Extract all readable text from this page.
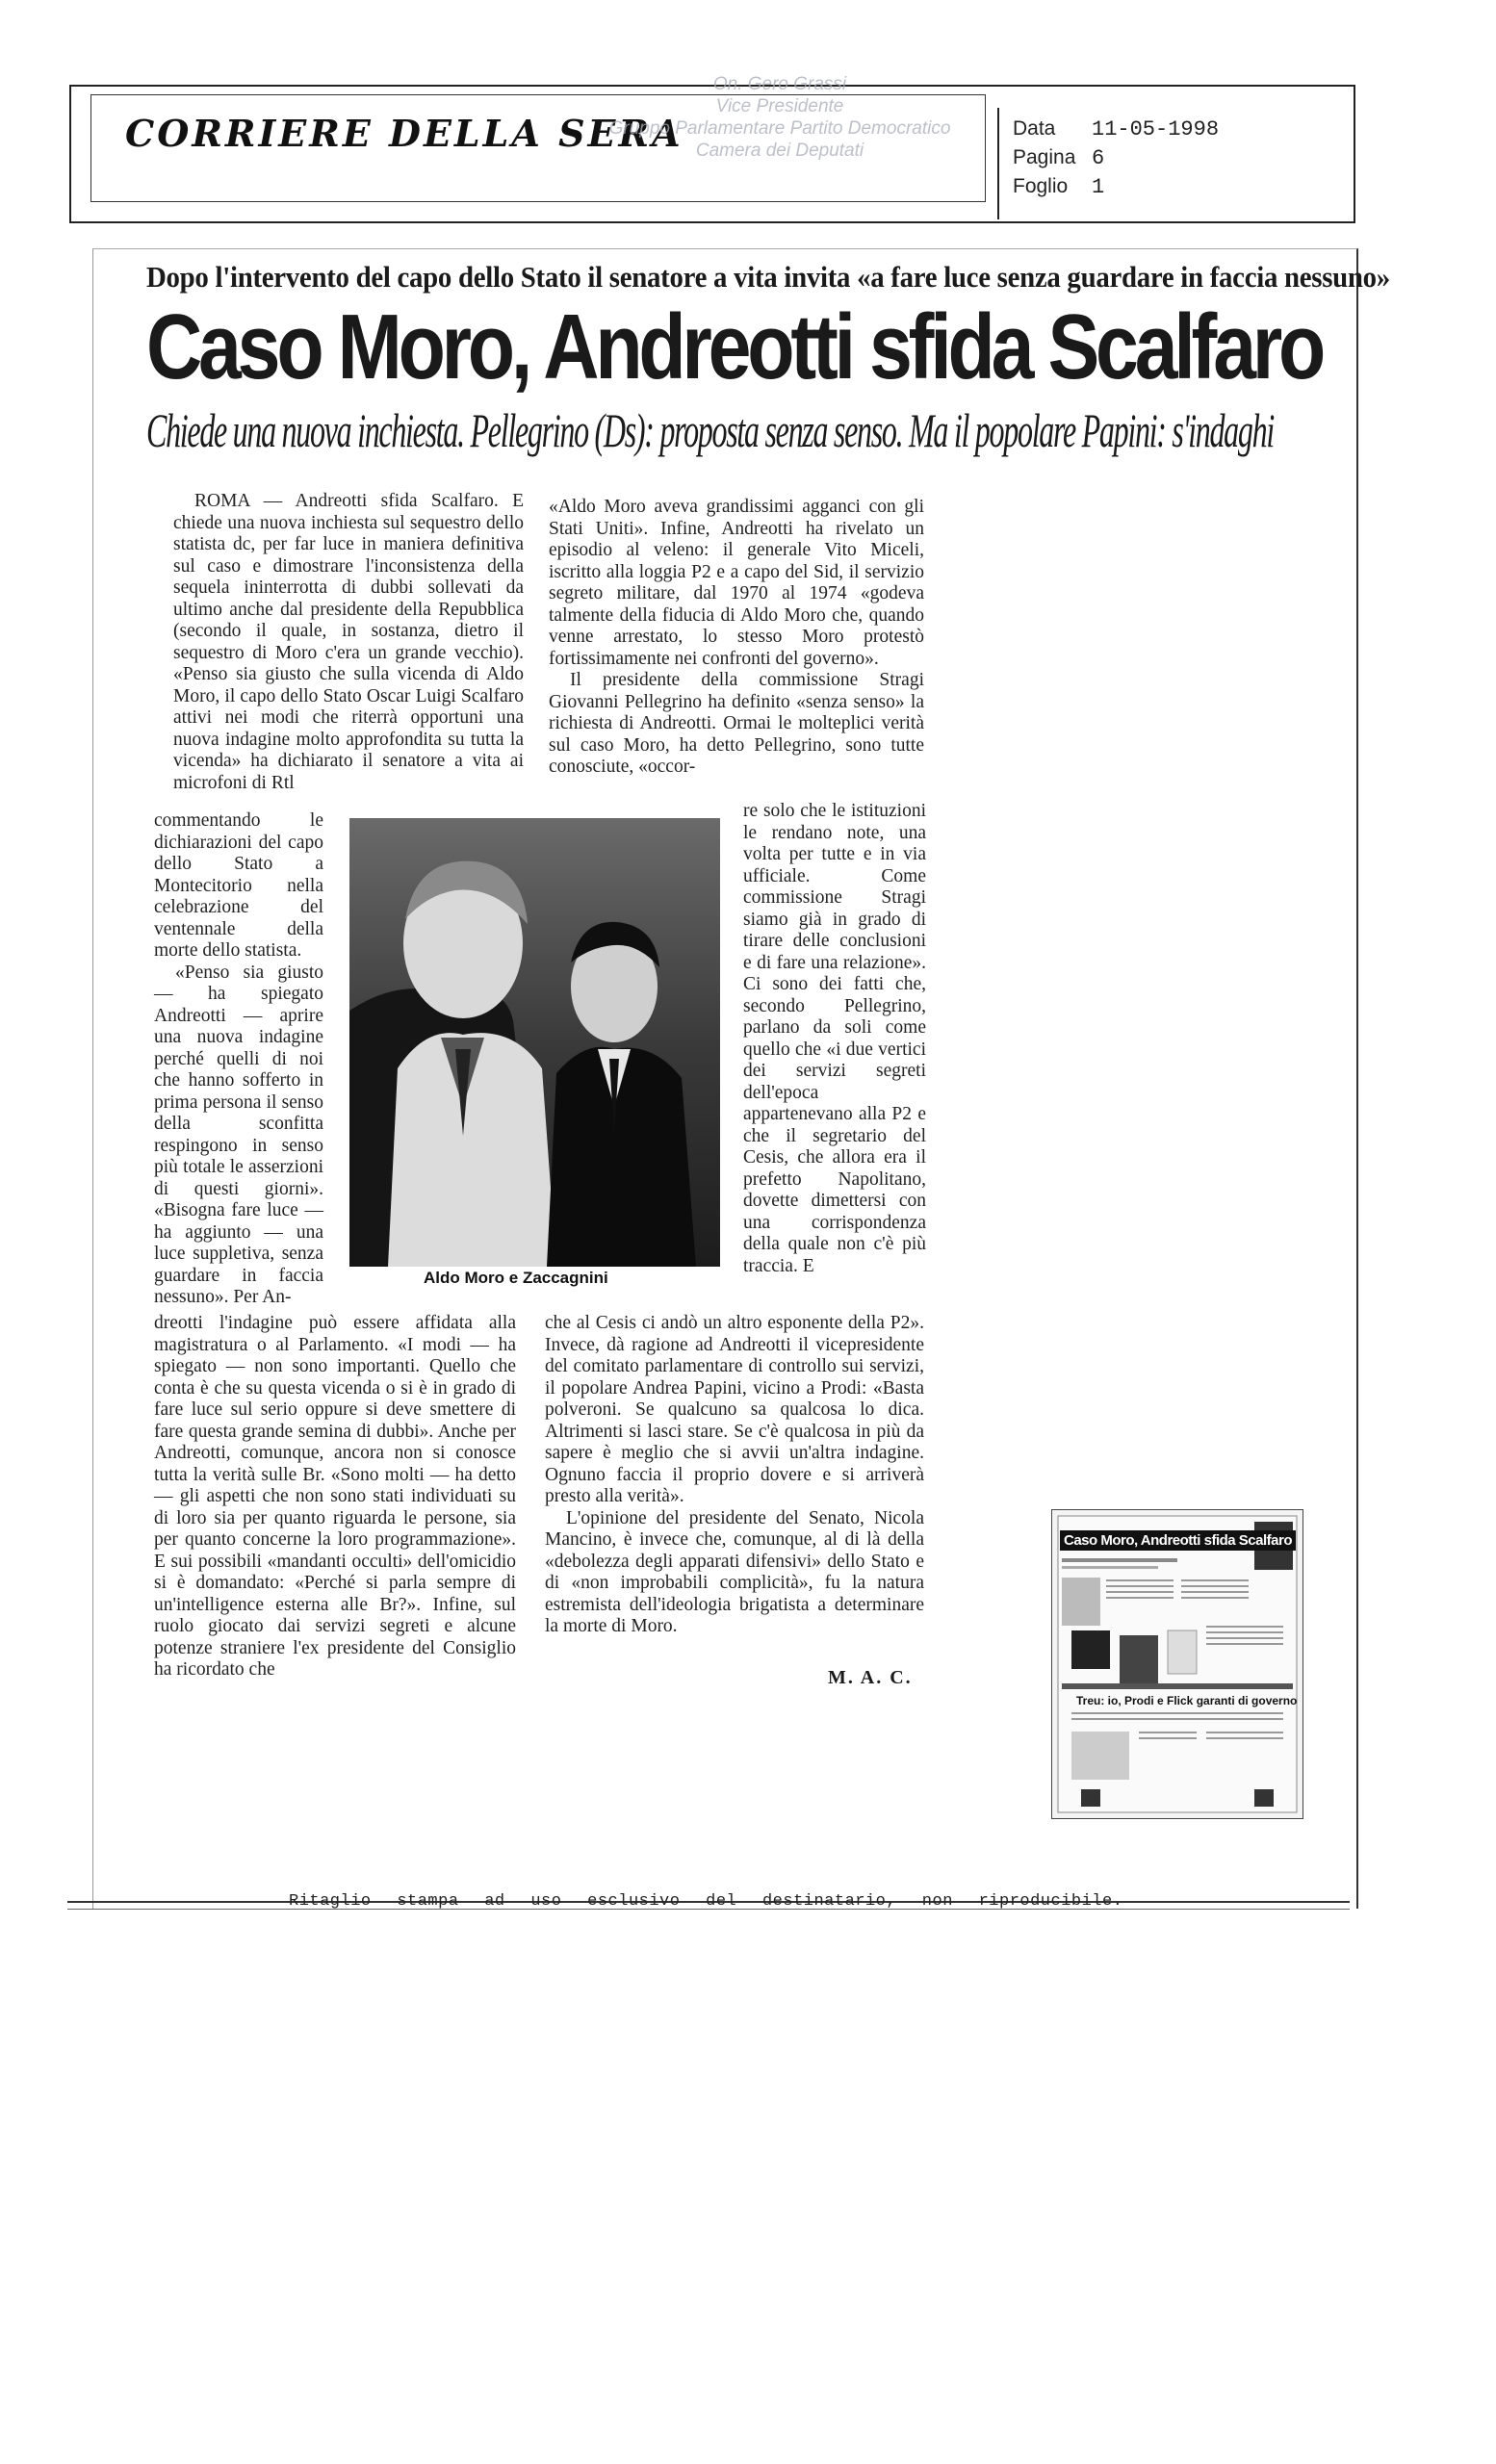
CORRIERE DELLA SERA
On. Gero Grassi
Vice Presidente
Gruppo Parlamentare Partito Democratico
Camera dei Deputati
Data 11-05-1998
Pagina 6
Foglio 1
Dopo l'intervento del capo dello Stato il senatore a vita invita «a fare luce senza guardare in faccia nessuno»
Caso Moro, Andreotti sfida Scalfaro
Chiede una nuova inchiesta. Pellegrino (Ds): proposta senza senso. Ma il popolare Papini: s'indaghi

ROMA — Andreotti sfida Scalfaro. E chiede una nuova inchiesta sul sequestro dello statista dc, per far luce in maniera definitiva sul caso e dimostrare l'inconsistenza della sequela ininterrotta di dubbi sollevati da ultimo anche dal presidente della Repubblica (secondo il quale, in sostanza, dietro il sequestro di Moro c'era un grande vecchio). «Penso sia giusto che sulla vicenda di Aldo Moro, il capo dello Stato Oscar Luigi Scalfaro attivi nei modi che riterrà opportuni una nuova indagine molto approfondita su tutta la vicenda» ha dichiarato il senatore a vita ai microfoni di Rtl

commentando le dichiarazioni del capo dello Stato a Montecitorio nella celebrazione del ventennale della morte dello statista.

«Penso sia giusto — ha spiegato Andreotti — aprire una nuova indagine perché quelli di noi che hanno sofferto in prima persona il senso della sconfitta respingono in senso più totale le asserzioni di questi giorni». «Bisogna fare luce — ha aggiunto — una luce suppletiva, senza guardare in faccia nessuno». Per An-

dreotti l'indagine può essere affidata alla magistratura o al Parlamento. «I modi — ha spiegato — non sono importanti. Quello che conta è che su questa vicenda o si è in grado di fare luce sul serio oppure si deve smettere di fare questa grande semina di dubbi». Anche per Andreotti, comunque, ancora non si conosce tutta la verità sulle Br. «Sono molti — ha detto — gli aspetti che non sono stati individuati su di loro sia per quanto riguarda le persone, sia per quanto concerne la loro programmazione». E sui possibili «mandanti occulti» dell'omicidio si è domandato: «Perché si parla sempre di un'intelligence esterna alle Br?». Infine, sul ruolo giocato dai servizi segreti e alcune potenze straniere l'ex presidente del Consiglio ha ricordato che

Aldo Moro e Zaccagnini

«Aldo Moro aveva grandissimi agganci con gli Stati Uniti». Infine, Andreotti ha rivelato un episodio al veleno: il generale Vito Miceli, iscritto alla loggia P2 e a capo del Sid, il servizio segreto militare, dal 1970 al 1974 «godeva talmente della fiducia di Aldo Moro che, quando venne arrestato, lo stesso Moro protestò fortissimamente nei confronti del governo».

Il presidente della commissione Stragi Giovanni Pellegrino ha definito «senza senso» la richiesta di Andreotti. Ormai le molteplici verità sul caso Moro, ha detto Pellegrino, sono tutte conosciute, «occor-

re solo che le istituzioni le rendano note, una volta per tutte e in via ufficiale. Come commissione Stragi siamo già in grado di tirare delle conclusioni e di fare una relazione». Ci sono dei fatti che, secondo Pellegrino, parlano da soli come quello che «i due vertici dei servizi segreti dell'epoca appartenevano alla P2 e che il segretario del Cesis, che allora era il prefetto Napolitano, dovette dimettersi con una corrispondenza della quale non c'è più traccia. E

che al Cesis ci andò un altro esponente della P2». Invece, dà ragione ad Andreotti il vicepresidente del comitato parlamentare di controllo sui servizi, il popolare Andrea Papini, vicino a Prodi: «Basta polveroni. Se qualcuno sa qualcosa lo dica. Altrimenti si lasci stare. Se c'è qualcosa in più da sapere è meglio che si avvii un'altra indagine. Ognuno faccia il proprio dovere e si arriverà presto alla verità».

L'opinione del presidente del Senato, Nicola Mancino, è invece che, comunque, al di là della «debolezza degli apparati difensivi» dello Stato e di «non improbabili complicità», fu la natura estremista dell'ideologia brigatista a determinare la morte di Moro.

M. A. C.
Caso Moro, Andreotti sfida Scalfaro
Treu: io, Prodi e Flick garanti di governo
Ritaglio stampa ad uso esclusivo del destinatario, non riproducibile.
